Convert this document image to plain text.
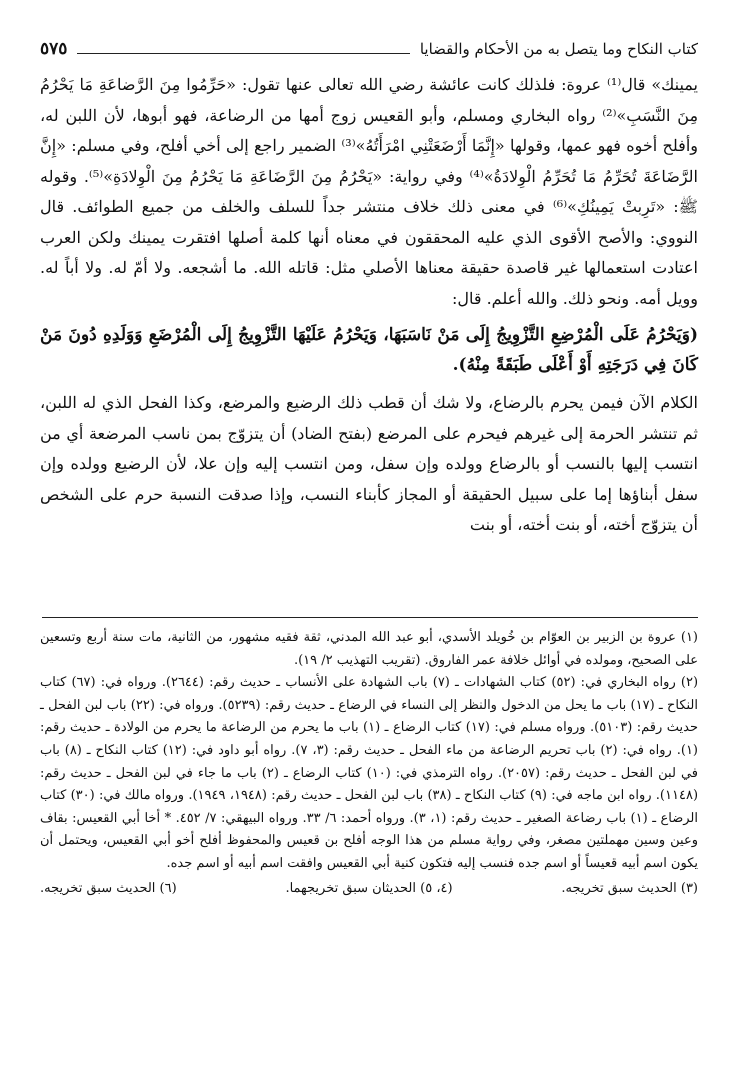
كتاب النكاح وما يتصل به من الأحكام والقضايا
٥٧٥

يمينك» قال⁽¹⁾ عروة: فلذلك كانت عائشة رضي الله تعالى عنها تقول: «حَرِّمُوا مِنَ الرَّضاعَةِ مَا يَحْرُمُ مِنَ النَّسَبِ»⁽²⁾ رواه البخاري ومسلم، وأبو القعيس زوج أمها من الرضاعة، فهو أبوها، لأن اللبن له، وأفلح أخوه فهو عمها، وقولها «إِنَّمَا أَرْضَعَتْنِي امْرَأَتُهُ»⁽³⁾ الضمير راجع إلى أخي أفلح، وفي مسلم: «إِنَّ الرَّضَاعَةَ تُحَرِّمُ مَا تُحَرِّمُ الْوِلادَةُ»⁽⁴⁾ وفي رواية: «يَحْرُمُ مِنَ الرَّضَاعَةِ مَا يَحْرُمُ مِنَ الْوِلادَةِ»⁽⁵⁾. وقوله ﷺ: «تَرِبتْ يَمِينُكِ»⁽⁶⁾ في معنى ذلك خلاف منتشر جداً للسلف والخلف من جميع الطوائف. قال النووي: والأصح الأقوى الذي عليه المحققون في معناه أنها كلمة أصلها افتقرت يمينك ولكن العرب اعتادت استعمالها غير قاصدة حقيقة معناها الأصلي مثل: قاتله الله. ما أشجعه. ولا أمّ له. ولا أباً له. وويل أمه. ونحو ذلك. والله أعلم. قال:

(وَيَحْرُمُ عَلَى الْمُرْضِعِ التَّزْوِيجُ إِلَى مَنْ نَاسَبَهَا، وَيَحْرُمُ عَلَيْهَا التَّزْوِيجُ إِلَى الْمُرْضَعِ وَوَلَدِهِ دُونَ مَنْ كَانَ فِي دَرَجَتِهِ أَوْ أَعْلَى طَبَقَةً مِنْهُ).

الكلام الآن فيمن يحرم بالرضاع، ولا شك أن قطب ذلك الرضيع والمرضع، وكذا الفحل الذي له اللبن، ثم تنتشر الحرمة إلى غيرهم فيحرم على المرضع (بفتح الضاد) أن يتزوّج بمن ناسب المرضعة أي من انتسب إليها بالنسب أو بالرضاع وولده وإن سفل، ومن انتسب إليه وإن علا، لأن الرضيع وولده وإن سفل أبناؤها إما على سبيل الحقيقة أو المجاز كأبناء النسب، وإذا صدقت النسبة حرم على الشخص أن يتزوّج أخته، أو بنت أخته، أو بنت

(١) عروة بن الزبير بن العوّام بن خُويلد الأسدي، أبو عبد الله المدني، ثقة فقيه مشهور، من الثانية، مات سنة أربع وتسعين على الصحيح، ومولده في أوائل خلافة عمر الفاروق. (تقريب التهذيب ٢/ ١٩).

(٢) رواه البخاري في: (٥٢) كتاب الشهادات ـ (٧) باب الشهادة على الأنساب ـ حديث رقم: (٢٦٤٤). ورواه في: (٦٧) كتاب النكاح ـ (١٧) باب ما يحل من الدخول والنظر إلى النساء في الرضاع ـ حديث رقم: (٥٢٣٩). ورواه في: (٢٢) باب لبن الفحل ـ حديث رقم: (٥١٠٣). ورواه مسلم في: (١٧) كتاب الرضاع ـ (١) باب ما يحرم من الرضاعة ما يحرم من الولادة ـ حديث رقم: (١). رواه في: (٢) باب تحريم الرضاعة من ماء الفحل ـ حديث رقم: (٣، ٧). رواه أبو داود في: (١٢) كتاب النكاح ـ (٨) باب في لبن الفحل ـ حديث رقم: (٢٠٥٧). رواه الترمذي في: (١٠) كتاب الرضاع ـ (٢) باب ما جاء في لبن الفحل ـ حديث رقم: (١١٤٨). رواه ابن ماجه في: (٩) كتاب النكاح ـ (٣٨) باب لبن الفحل ـ حديث رقم: (١٩٤٨، ١٩٤٩). ورواه مالك في: (٣٠) كتاب الرضاع ـ (١) باب رضاعة الصغير ـ حديث رقم: (١، ٣). ورواه أحمد: ٦/ ٣٣. ورواه البيهقي: ٧/ ٤٥٢. * أخا أبي القعيس: بقاف وعين وسين مهملتين مصغر، وفي رواية مسلم من هذا الوجه أفلح بن قعيس والمحفوظ أفلح أخو أبي القعيس، ويحتمل أن يكون اسم أبيه قعيساً أو اسم جده فنسب إليه فتكون كنية أبي القعيس وافقت اسم أبيه أو اسم جده.

(٣) الحديث سبق تخريجه.
(٤، ٥) الحديثان سبق تخريجهما.
(٦) الحديث سبق تخريجه.
